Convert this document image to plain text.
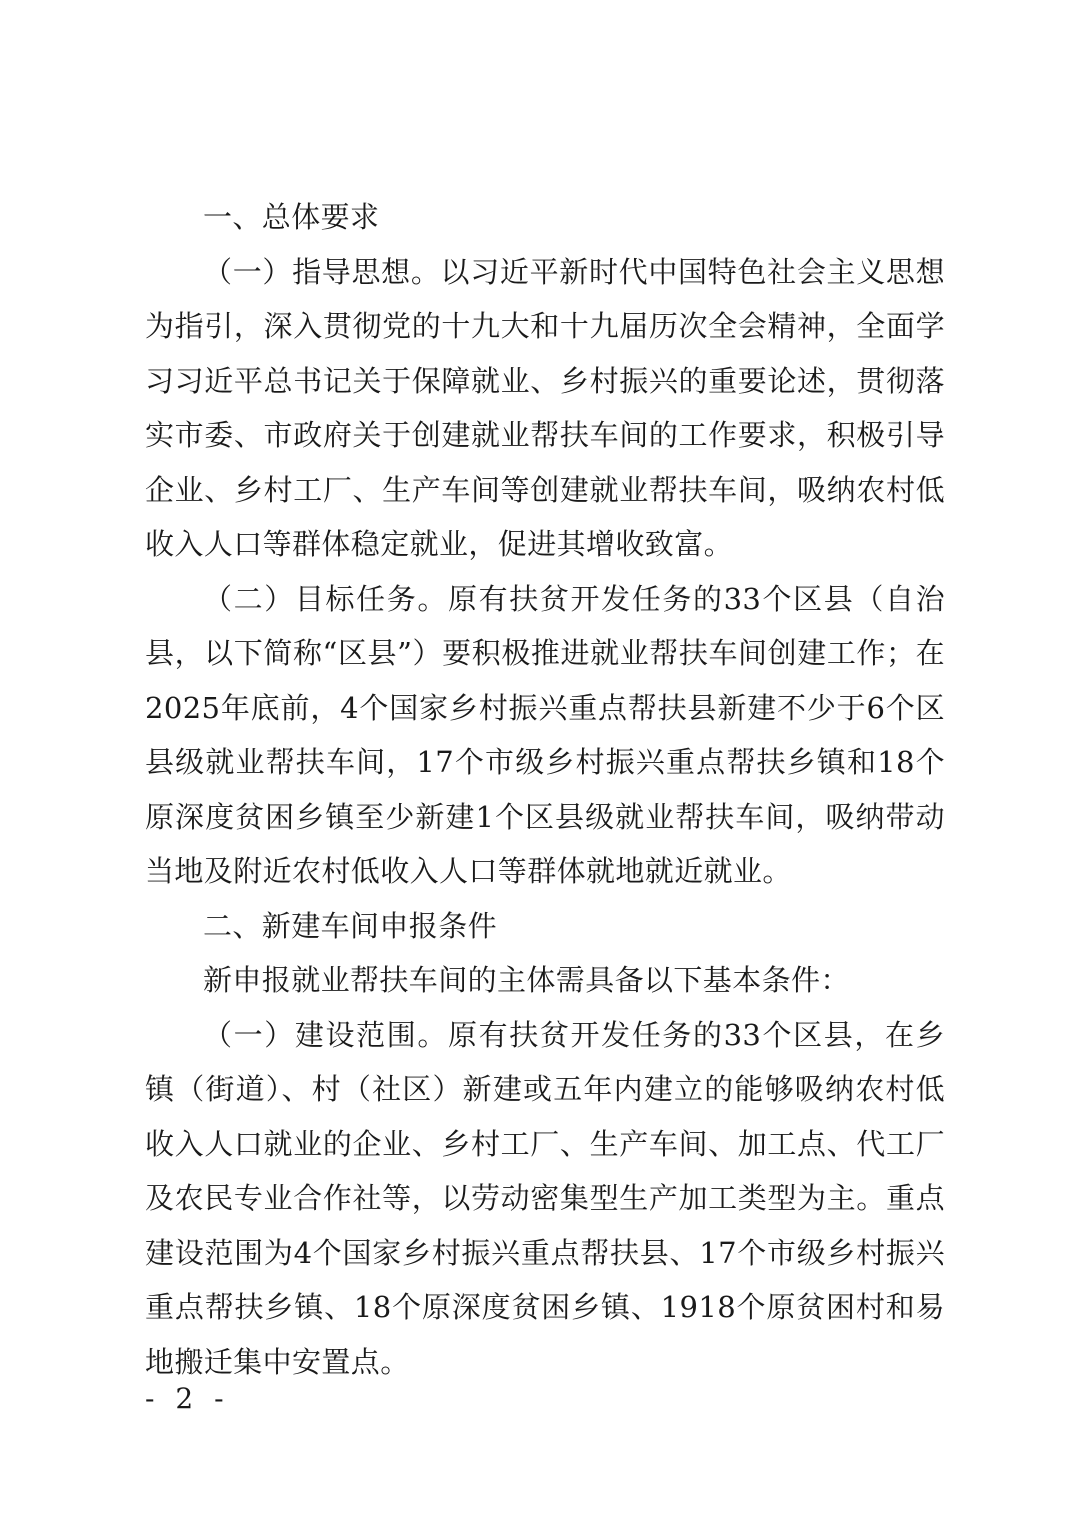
一、总体要求

（一）指导思想。以习近平新时代中国特色社会主义思想为指引，深入贯彻党的十九大和十九届历次全会精神，全面学习习近平总书记关于保障就业、乡村振兴的重要论述，贯彻落实市委、市政府关于创建就业帮扶车间的工作要求，积极引导企业、乡村工厂、生产车间等创建就业帮扶车间，吸纳农村低收入人口等群体稳定就业，促进其增收致富。

（二）目标任务。原有扶贫开发任务的33个区县（自治县，以下简称“区县”）要积极推进就业帮扶车间创建工作；在2025年底前，4个国家乡村振兴重点帮扶县新建不少于6个区县级就业帮扶车间，17个市级乡村振兴重点帮扶乡镇和18个原深度贫困乡镇至少新建1个区县级就业帮扶车间，吸纳带动当地及附近农村低收入人口等群体就地就近就业。

二、新建车间申报条件

新申报就业帮扶车间的主体需具备以下基本条件：

（一）建设范围。原有扶贫开发任务的33个区县，在乡镇（街道）、村（社区）新建或五年内建立的能够吸纳农村低收入人口就业的企业、乡村工厂、生产车间、加工点、代工厂及农民专业合作社等，以劳动密集型生产加工类型为主。重点建设范围为4个国家乡村振兴重点帮扶县、17个市级乡村振兴重点帮扶乡镇、18个原深度贫困乡镇、1918个原贫困村和易地搬迁集中安置点。

- 2 -
